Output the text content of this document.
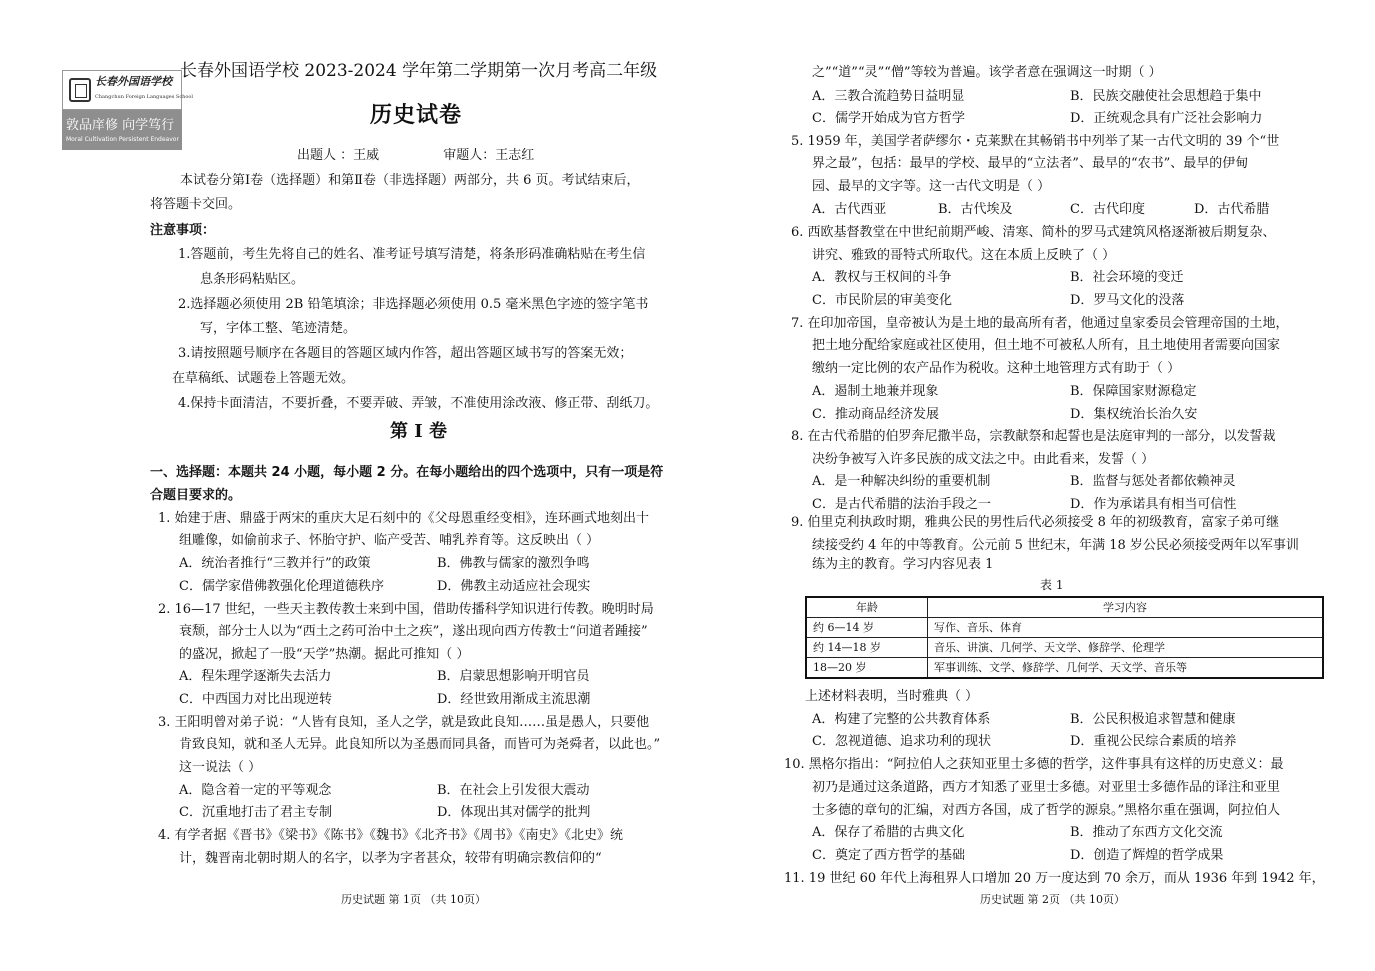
长春外国语学校
Changchun Foreign Languages School
敦品庠修 向学笃行
Moral Cultivation Persistent Endeavor
长春外国语学校 2023-2024 学年第二学期第一次月考高二年级
历史试卷
出题人 ：王威	审题人：王志红
本试卷分第Ⅰ卷（选择题）和第Ⅱ卷（非选择题）两部分，共 6 页。考试结束后，
将答题卡交回。
注意事项：
1.答题前，考生先将自己的姓名、准考证号填写清楚，将条形码准确粘贴在考生信
息条形码粘贴区。
2.选择题必须使用 2B 铅笔填涂；非选择题必须使用 0.5 毫米黑色字迹的签字笔书
写，字体工整、笔迹清楚。
3.请按照题号顺序在各题目的答题区域内作答，超出答题区域书写的答案无效；
在草稿纸、试题卷上答题无效。
4.保持卡面清洁，不要折叠，不要弄破、弄皱，不准使用涂改液、修正带、刮纸刀。
第 Ⅰ 卷
一、选择题：本题共 24 小题，每小题 2 分。在每小题给出的四个选项中，只有一项是符
合题目要求的。
1. 始建于唐、鼎盛于两宋的重庆大足石刻中的《父母恩重经变相》，连环画式地刻出十
组雕像，如偷前求子、怀胎守护、临产受苦、哺乳养育等。这反映出（ ）
A．统治者推行“三教并行”的政策	B．佛教与儒家的激烈争鸣
C．儒学家借佛教强化伦理道德秩序	D．佛教主动适应社会现实
2. 16—17 世纪，一些天主教传教士来到中国，借助传播科学知识进行传教。晚明时局
衰颓，部分士人以为“西土之药可治中土之疾”，遂出现向西方传教士“问道者踵接”
的盛况，掀起了一股“天学”热潮。据此可推知（ ）
A．程朱理学逐渐失去活力	B．启蒙思想影响开明官员
C．中西国力对比出现逆转	D．经世致用渐成主流思潮
3. 王阳明曾对弟子说：“人皆有良知，圣人之学，就是致此良知……虽是愚人，只要他
肯致良知，就和圣人无异。此良知所以为圣愚而同具备，而皆可为尧舜者，以此也。”
这一说法（ ）
A．隐含着一定的平等观念	B．在社会上引发很大震动
C．沉重地打击了君主专制	D．体现出其对儒学的批判
4. 有学者据《晋书》《梁书》《陈书》《魏书》《北齐书》《周书》《南史》《北史》统
计，魏晋南北朝时期人的名字，以孝为字者甚众，较带有明确宗教信仰的“
历史试题 第 1页 （共 10页）
之”“道”“灵”“僧”等较为普遍。该学者意在强调这一时期（ ）
A．三教合流趋势日益明显	B．民族交融使社会思想趋于集中
C．儒学开始成为官方哲学	D．正统观念具有广泛社会影响力
5. 1959 年，美国学者萨缪尔・克莱默在其畅销书中列举了某一古代文明的 39 个“世
界之最”，包括：最早的学校、最早的“立法者”、最早的“农书”、最早的伊甸
园、最早的文字等。这一古代文明是（ ）
A．古代西亚	B．古代埃及	C．古代印度	D．古代希腊
6. 西欧基督教堂在中世纪前期严峻、清寒、简朴的罗马式建筑风格逐渐被后期复杂、
讲究、雅致的哥特式所取代。这在本质上反映了（ ）
A．教权与王权间的斗争	B．社会环境的变迁
C．市民阶层的审美变化	D．罗马文化的没落
7. 在印加帝国，皇帝被认为是土地的最高所有者，他通过皇家委员会管理帝国的土地，
把土地分配给家庭或社区使用，但土地不可被私人所有，且土地使用者需要向国家
缴纳一定比例的农产品作为税收。这种土地管理方式有助于（ ）
A．遏制土地兼并现象	B．保障国家财源稳定
C．推动商品经济发展	D．集权统治长治久安
8. 在古代希腊的伯罗奔尼撒半岛，宗教献祭和起誓也是法庭审判的一部分，以发誓裁
决纷争被写入许多民族的成文法之中。由此看来，发誓（ ）
A．是一种解决纠纷的重要机制	B．监督与惩处者都依赖神灵
C．是古代希腊的法治手段之一	D．作为承诺具有相当可信性
9. 伯里克利执政时期，雅典公民的男性后代必须接受 8 年的初级教育，富家子弟可继
续接受约 4 年的中等教育。公元前 5 世纪末，年满 18 岁公民必须接受两年以军事训
练为主的教育。学习内容见表 1
表 1
年龄	学习内容
约 6—14 岁	写作、音乐、体育
约 14—18 岁	音乐、讲演、几何学、天文学、修辞学、伦理学
18—20 岁	军事训练、文学、修辞学、几何学、天文学、音乐等
上述材料表明，当时雅典（ ）
A．构建了完整的公共教育体系	B．公民积极追求智慧和健康
C．忽视道德、追求功利的现状	D．重视公民综合素质的培养
10. 黑格尔指出：“阿拉伯人之获知亚里士多德的哲学，这件事具有这样的历史意义：最
初乃是通过这条道路，西方才知悉了亚里士多德。对亚里士多德作品的译注和亚里
士多德的章句的汇编，对西方各国，成了哲学的源泉。”黑格尔重在强调，阿拉伯人
A．保存了希腊的古典文化	B．推动了东西方文化交流
C．奠定了西方哲学的基础	D．创造了辉煌的哲学成果
11. 19 世纪 60 年代上海租界人口增加 20 万一度达到 70 余万，而从 1936 年到 1942 年，
历史试题 第 2页 （共 10页）
